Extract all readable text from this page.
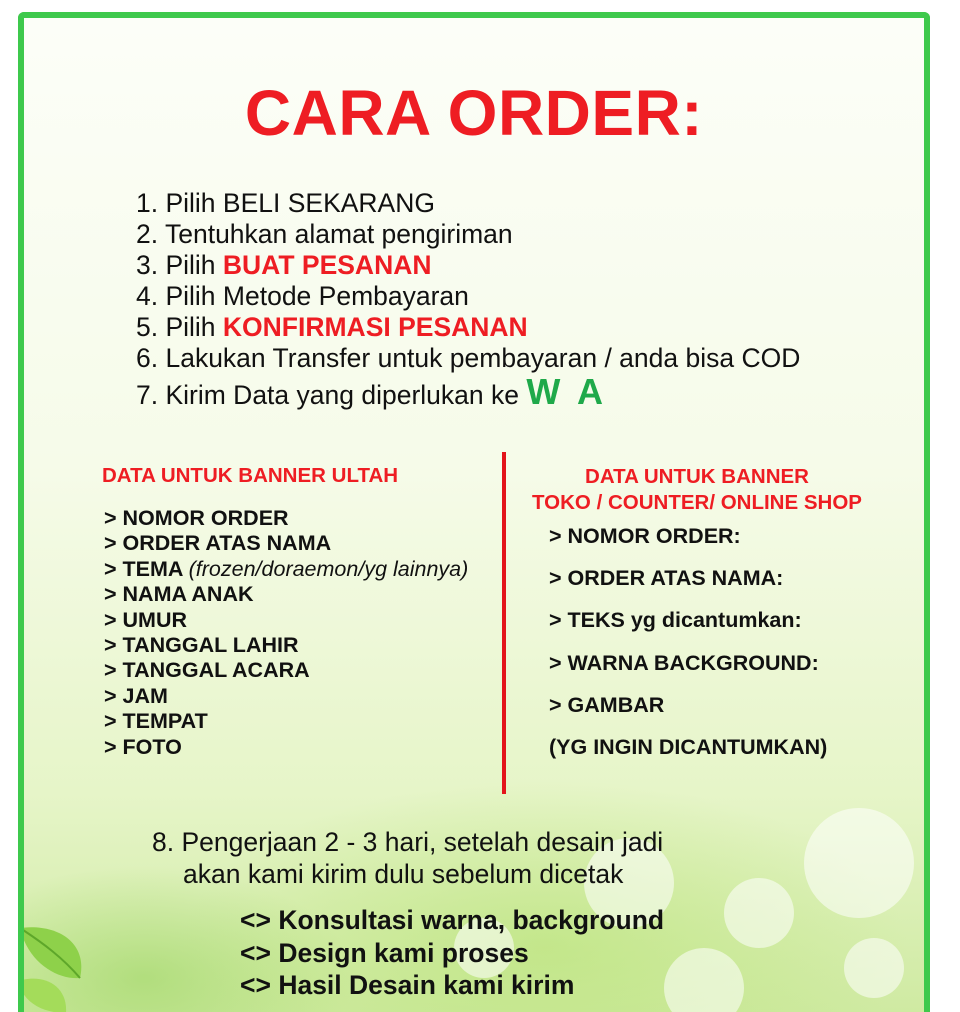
CARA ORDER:
1. Pilih BELI SEKARANG
2. Tentuhkan alamat pengiriman
3. Pilih BUAT PESANAN
4. Pilih Metode Pembayaran
5. Pilih KONFIRMASI PESANAN
6. Lakukan Transfer untuk pembayaran / anda bisa COD
7. Kirim Data yang diperlukan ke W A
DATA UNTUK BANNER ULTAH
> NOMOR ORDER
> ORDER ATAS NAMA
> TEMA (frozen/doraemon/yg lainnya)
> NAMA ANAK
> UMUR
> TANGGAL LAHIR
> TANGGAL ACARA
> JAM
> TEMPAT
> FOTO
DATA UNTUK BANNER
TOKO / COUNTER/ ONLINE SHOP
> NOMOR ORDER:
> ORDER ATAS NAMA:
> TEKS yg dicantumkan:
> WARNA BACKGROUND:
> GAMBAR
(YG INGIN DICANTUMKAN)
8. Pengerjaan 2 - 3 hari, setelah desain jadi
akan kami kirim dulu sebelum dicetak
<> Konsultasi warna, background
<> Design kami proses
<> Hasil Desain kami kirim
